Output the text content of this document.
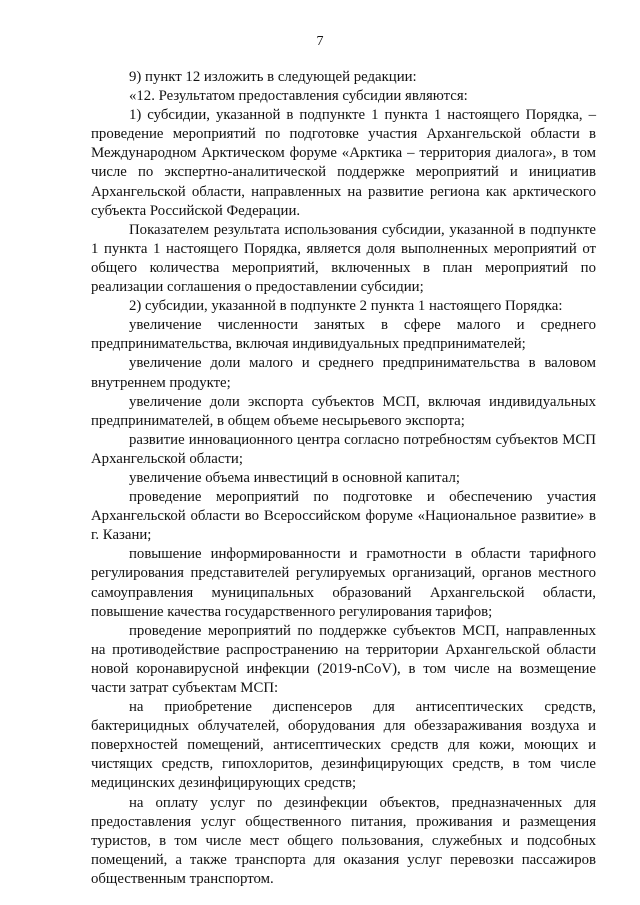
7

9) пункт 12 изложить в следующей редакции:

«12. Результатом предоставления субсидии являются:

1) субсидии, указанной в подпункте 1 пункта 1 настоящего Порядка, – проведение мероприятий по подготовке участия Архангельской области в Международном Арктическом форуме «Арктика – территория диалога», в том числе по экспертно-аналитической поддержке мероприятий и инициатив Архангельской области, направленных на развитие региона как арктического субъекта Российской Федерации.

Показателем результата использования субсидии, указанной в подпункте 1 пункта 1 настоящего Порядка, является доля выполненных мероприятий от общего количества мероприятий, включенных в план мероприятий по реализации соглашения о предоставлении субсидии;

2) субсидии, указанной в подпункте 2 пункта 1 настоящего Порядка:

увеличение численности занятых в сфере малого и среднего предпринимательства, включая индивидуальных предпринимателей;

увеличение доли малого и среднего предпринимательства в валовом внутреннем продукте;

увеличение доли экспорта субъектов МСП, включая индивидуальных предпринимателей, в общем объеме несырьевого экспорта;

развитие инновационного центра согласно потребностям субъектов МСП Архангельской области;

увеличение объема инвестиций в основной капитал;

проведение мероприятий по подготовке и обеспечению участия Архангельской области во Всероссийском форуме «Национальное развитие» в г. Казани;

повышение информированности и грамотности в области тарифного регулирования представителей регулируемых организаций, органов местного самоуправления муниципальных образований Архангельской области, повышение качества государственного регулирования тарифов;

проведение мероприятий по поддержке субъектов МСП, направленных на противодействие распространению на территории Архангельской области новой коронавирусной инфекции (2019-nCoV), в том числе на возмещение части затрат субъектам МСП:

на приобретение диспенсеров для антисептических средств, бактерицидных облучателей, оборудования для обеззараживания воздуха и поверхностей помещений, антисептических средств для кожи, моющих и чистящих средств, гипохлоритов, дезинфицирующих средств, в том числе медицинских дезинфицирующих средств;

на оплату услуг по дезинфекции объектов, предназначенных для предоставления услуг общественного питания, проживания и размещения туристов, в том числе мест общего пользования, служебных и подсобных помещений, а также транспорта для оказания услуг перевозки пассажиров общественным транспортом.
